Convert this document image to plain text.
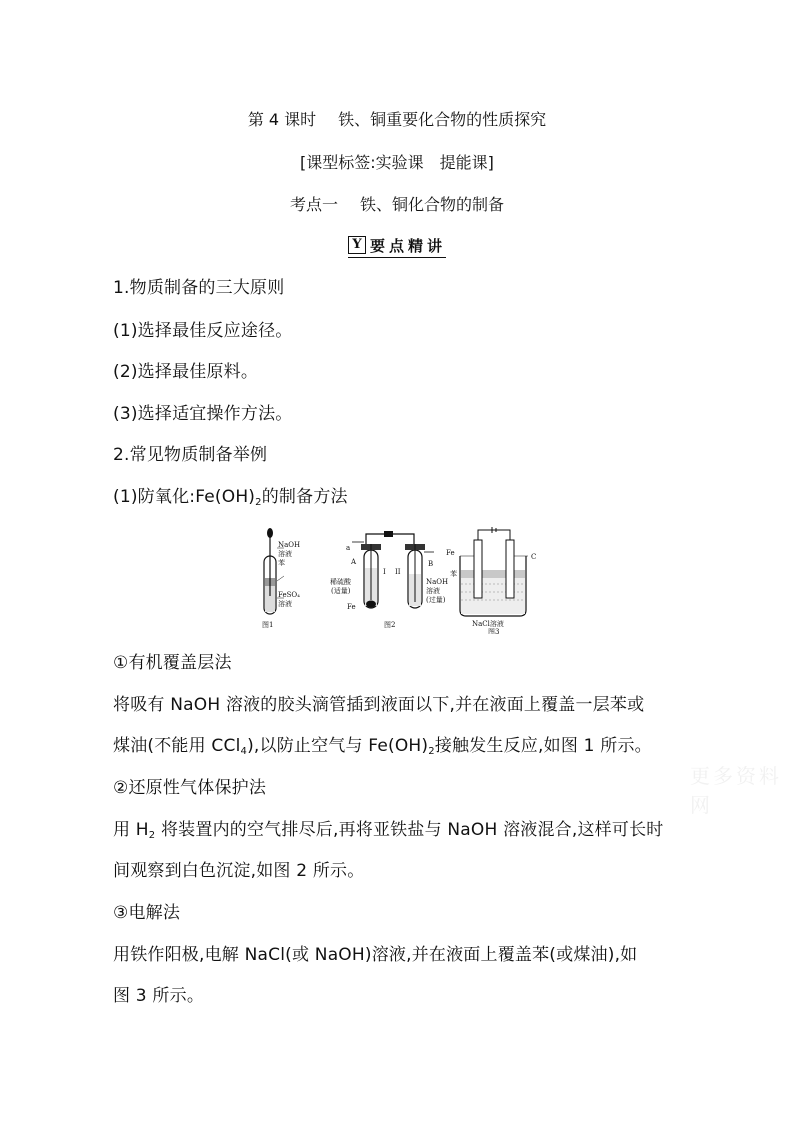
第 4 课时 铁、铜重要化合物的性质探究
[课型标签:实验课　提能课]
考点一 铁、铜化合物的制备
Y 要点精讲
1.物质制备的三大原则
(1)选择最佳反应途径。
(2)选择最佳原料。
(3)选择适宜操作方法。
2.常见物质制备举例
(1)防氧化$:Fe(OH)_2$的制备方法
NaOH
溶液
苯
FeSO₄
溶液
图1
a
A
I II
B
稀硫酸
(适量)
Fe
NaOH
溶液
(过量)
图2
Fe	C
苯
NaCl溶液
图3
①有机覆盖层法
将吸有 NaOH 溶液的胶头滴管插到液面以下,并在液面上覆盖一层苯或
煤油(不能用 CCl$_4$),以防止空气与 $Fe(OH)_2$接触发生反应,如图 1 所示。
②还原性气体保护法
用 $H_2$ 将装置内的空气排尽后,再将亚铁盐与 NaOH 溶液混合,这样可长时
间观察到白色沉淀,如图 2 所示。
③电解法
用铁作阳极,电解 NaCl(或 NaOH)溶液,并在液面上覆盖苯(或煤油),如
图 3 所示。
更多资料网
